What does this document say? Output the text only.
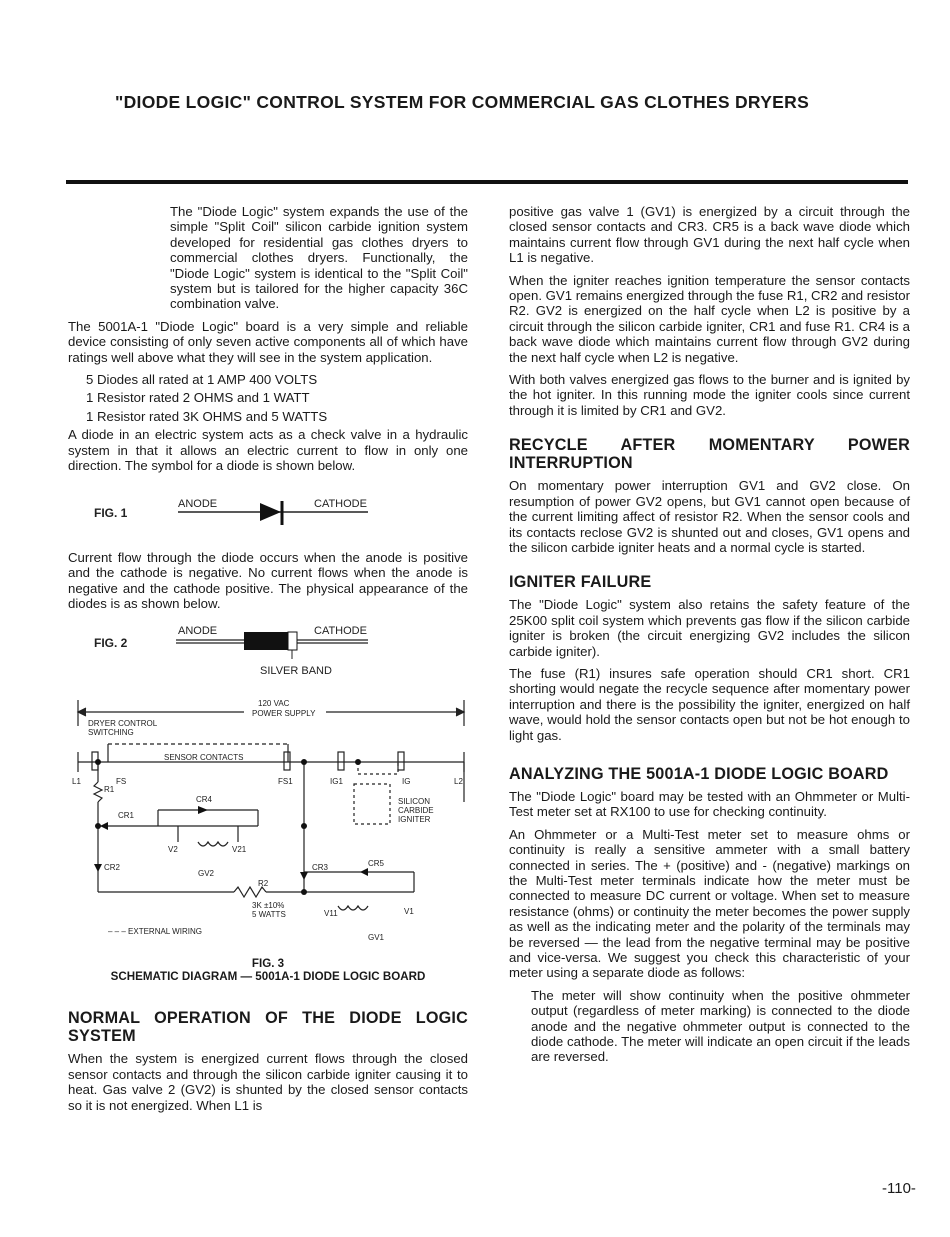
"DIODE LOGIC" CONTROL SYSTEM FOR COMMERCIAL GAS CLOTHES DRYERS

The "Diode Logic" system expands the use of the simple "Split Coil" silicon carbide ignition system developed for residential gas clothes dryers to commercial clothes dryers. Functionally, the "Diode Logic" system is identical to the "Split Coil" system but is tailored for the higher capacity 36C combination valve.

The 5001A-1 "Diode Logic" board is a very simple and reliable device consisting of only seven active components all of which have ratings well above what they will see in the system application.

5 Diodes all rated at 1 AMP 400 VOLTS

1 Resistor rated 2 OHMS and 1 WATT

1 Resistor rated 3K OHMS and 5 WATTS

A diode in an electric system acts as a check valve in a hydraulic system in that it allows an electric current to flow in only one direction. The symbol for a diode is shown below.

FIG. 1
ANODE	CATHODE

Current flow through the diode occurs when the anode is positive and the cathode is negative. No current flows when the anode is negative and the cathode positive. The physical appearance of the diodes is as shown below.

FIG. 2
ANODE	CATHODE
SILVER BAND

120 VAC
POWER SUPPLY
DRYER CONTROL
SWITCHING
SENSOR CONTACTS
L1	L2
FS	FS1	IG1	IG
R1
CR1
CR4
CR2	CR3	CR5
V2	V21
GV2
V11	V1
GV1
SILICON
CARBIDE
IGNITER
R2
3K ±10%
5 WATTS
– – – EXTERNAL WIRING
FIG. 3
SCHEMATIC DIAGRAM — 5001A-1 DIODE LOGIC BOARD
NORMAL OPERATION OF THE DIODE LOGIC SYSTEM

When the system is energized current flows through the closed sensor contacts and through the silicon carbide igniter causing it to heat. Gas valve 2 (GV2) is shunted by the closed sensor contacts so it is not energized. When L1 is

positive gas valve 1 (GV1) is energized by a circuit through the closed sensor contacts and CR3. CR5 is a back wave diode which maintains current flow through GV1 during the next half cycle when L1 is negative.

When the igniter reaches ignition temperature the sensor contacts open. GV1 remains energized through the fuse R1, CR2 and resistor R2. GV2 is energized on the half cycle when L2 is positive by a circuit through the silicon carbide igniter, CR1 and fuse R1. CR4 is a back wave diode which maintains current flow through GV2 during the next half cycle when L2 is negative.

With both valves energized gas flows to the burner and is ignited by the hot igniter. In this running mode the igniter cools since current through it is limited by CR1 and GV2.

RECYCLE AFTER MOMENTARY POWER INTERRUPTION

On momentary power interruption GV1 and GV2 close. On resumption of power GV2 opens, but GV1 cannot open because of the current limiting affect of resistor R2. When the sensor cools and its contacts reclose GV2 is shunted out and closes, GV1 opens and the silicon carbide igniter heats and a normal cycle is started.

IGNITER FAILURE

The "Diode Logic" system also retains the safety feature of the 25K00 split coil system which prevents gas flow if the silicon carbide igniter is broken (the circuit energizing GV2 includes the silicon carbide igniter).

The fuse (R1) insures safe operation should CR1 short. CR1 shorting would negate the recycle sequence after momentary power interruption and there is the possibility the igniter, energized on half wave, would hold the sensor contacts open but not be hot enough to light gas.

ANALYZING THE 5001A-1 DIODE LOGIC BOARD

The "Diode Logic" board may be tested with an Ohmmeter or Multi-Test meter set at RX100 to use for checking continuity.

An Ohmmeter or a Multi-Test meter set to measure ohms or continuity is really a sensitive ammeter with a small battery connected in series. The + (positive) and - (negative) markings on the Multi-Test meter terminals indicate how the meter must be connected to measure DC current or voltage. When set to measure resistance (ohms) or continuity the meter becomes the power supply as well as the indicating meter and the polarity of the terminals may be reversed — the lead from the negative terminal may be positive and vice-versa. We suggest you check this characteristic of your meter using a separate diode as follows:

The meter will show continuity when the positive ohmmeter output (regardless of meter marking) is connected to the diode anode and the negative ohmmeter output is connected to the diode cathode. The meter will indicate an open circuit if the leads are reversed.

-110-
